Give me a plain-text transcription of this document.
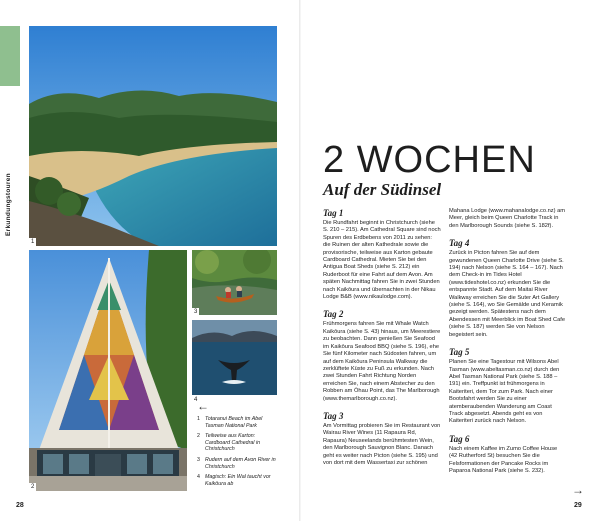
Erkundungstouren
1
2
3
4 ←
1 Totaranui Beach im Abel Tasman National Park
2 Teilweise aus Karton: Cardboard Cathedral in Christchurch
3 Rudern auf dem Avon River in Christchurch
4 Magisch: Ein Wal taucht vor Kaikōura ab
28	29
2 WOCHEN
Auf der Südinsel
Tag 1
Die Rundfahrt beginnt in Christchurch (siehe S. 210 – 215). Am Cathedral Square sind noch Spuren des Erdbebens von 2011 zu sehen: die Ruinen der alten Kathedrale sowie die provisorische, teilweise aus Karton gebaute Cardboard Cathedral. Mieten Sie bei den Antigua Boat Sheds (siehe S. 212) ein Ruderboot für eine Fahrt auf dem Avon. Am späten Nachmittag fahren Sie in zwei Stunden nach Kaikōura und übernachten in der Nikau Lodge B&B (www.nikaulodge.com).
Tag 2
Frühmorgens fahren Sie mit Whale Watch Kaikōura (siehe S. 43) hinaus, um Meerestiere zu beobachten. Dann genießen Sie Seafood im Kaikōura Seafood BBQ (siehe S. 196), ehe Sie fünf Kilometer nach Südosten fahren, um auf dem Kaikōura Peninsula Walkway die zerklüftete Küste zu Fuß zu erkunden. Nach zwei Stunden Fahrt Richtung Norden erreichen Sie, nach einem Abstecher zu den Robben am Ōhau Point, das The Marlborough (www.themarlborough.co.nz).
Tag 3
Am Vormittag probieren Sie im Restaurant von Wairau River Wines (11 Rapaura Rd, Rapaura) Neuseelands berühmtesten Wein, den Marlborough Sauvignon Blanc. Danach geht es weiter nach Picton (siehe S. 195) und von dort mit dem Wassertaxi zur schönen
Mahana Lodge (www.mahanalodge.co.nz) am Meer, gleich beim Queen Charlotte Track in den Marlborough Sounds (siehe S. 182f).
Tag 4
Zurück in Picton fahren Sie auf dem gewundenen Queen Charlotte Drive (siehe S. 194) nach Nelson (siehe S. 164 – 167). Nach dem Check-in im Tides Hotel (www.tideshotel.co.nz) erkunden Sie die entspannte Stadt. Auf dem Maitai River Walkway erreichen Sie die Suter Art Gallery (siehe S. 164), wo Sie Gemälde und Keramik gezeigt werden. Spätestens nach dem Abendessen mit Meerblick im Boat Shed Cafe (siehe S. 187) werden Sie von Nelson begeistert sein.
Tag 5
Planen Sie eine Tagestour mit Wilsons Abel Tasman (www.abeltasman.co.nz) durch den Abel Tasman National Park (siehe S. 188 – 191) ein. Treffpunkt ist frühmorgens in Kaiteriteri, dem Tor zum Park. Nach einer Bootsfahrt werden Sie zu einer atemberaubenden Wanderung am Coast Track abgesetzt. Abends geht es von Kaiteriteri zurück nach Nelson.
Tag 6
Nach einem Kaffee im Zumo Coffee House (42 Rutherford St) besuchen Sie die Felsformationen der Pancake Rocks im Paparoa National Park (siehe S. 232).
→
